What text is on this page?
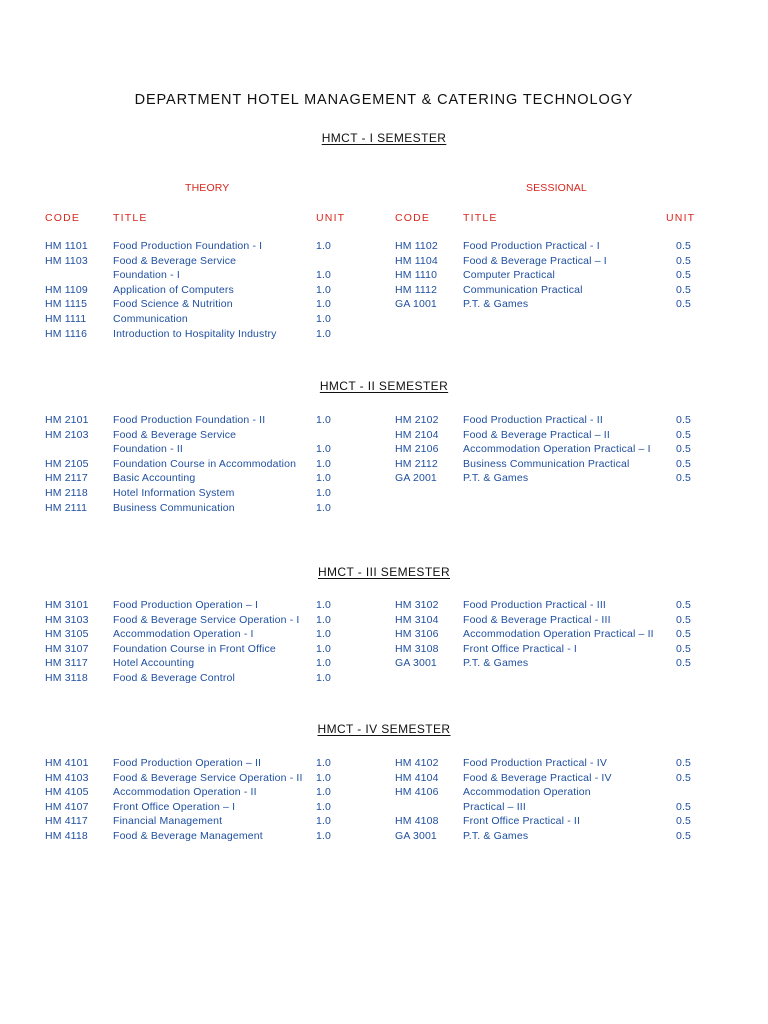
DEPARTMENT HOTEL MANAGEMENT & CATERING TECHNOLOGY
HMCT - I SEMESTER
THEORY	SESSIONAL
CODE	TITLE	UNIT	CODE	TITLE	UNIT
HMCT - II SEMESTER
HMCT - III SEMESTER
HMCT - IV SEMESTER
HM 1101 Food Production Foundation - I	1.0
HM 1103 Food & Beverage Service
Foundation - I	1.0
HM 1109 Application of Computers	1.0
HM 1115 Food Science & Nutrition	1.0
HM 1111	Communication	1.0
HM 1116 Introduction to Hospitality Industry	1.0
HM 1102 Food Production Practical - I	0.5
HM 1104 Food & Beverage Practical – I	0.5
HM 1110 Computer Practical	0.5
HM 1112 Communication Practical	0.5
GA 1001 P.T. & Games	0.5
HM 2101 Food Production Foundation - II	1.0
HM 2103 Food & Beverage Service
Foundation - II	1.0
HM 2105 Foundation Course in Accommodation 1.0
HM 2117 Basic Accounting	1.0
HM 2118 Hotel Information System	1.0
HM 2111 Business Communication	1.0
HM 2102 Food Production Practical - II	0.5
HM 2104 Food & Beverage Practical – II	0.5
HM 2106 Accommodation Operation Practical – I 0.5
HM 2112 Business Communication Practical	0.5
GA 2001 P.T. & Games	0.5
HM 3101 Food Production Operation – I	1.0
HM 3103 Food & Beverage Service Operation - I 1.0
HM 3105 Accommodation Operation - I	1.0
HM 3107 Foundation Course in Front Office	1.0
HM 3117 Hotel Accounting	1.0
HM 3118 Food & Beverage Control	1.0
HM 3102 Food Production Practical - III	0.5
HM 3104 Food & Beverage Practical - III	0.5
HM 3106 Accommodation Operation Practical – II 0.5
HM 3108 Front Office Practical - I	0.5
GA 3001 P.T. & Games	0.5
HM 4101 Food Production Operation – II	1.0
HM 4103 Food & Beverage Service Operation - II 1.0
HM 4105 Accommodation Operation - II	1.0
HM 4107 Front Office Operation – I	1.0
HM 4117 Financial Management	1.0
HM 4118 Food & Beverage Management	1.0
HM 4102 Food Production Practical - IV	0.5
HM 4104 Food & Beverage Practical - IV	0.5
HM 4106 Accommodation Operation
Practical – III	0.5
HM 4108 Front Office Practical - II	0.5
GA 3001 P.T. & Games	0.5
